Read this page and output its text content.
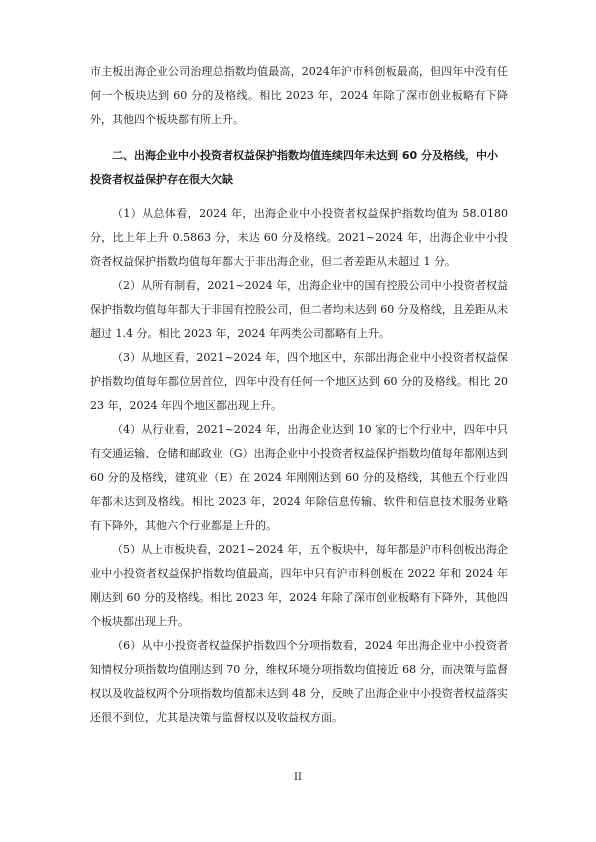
市主板出海企业公司治理总指数均值最高，2024年沪市科创板最高，但四年中没有任何一个板块达到 60 分的及格线。相比 2023 年，2024 年除了深市创业板略有下降外，其他四个板块都有所上升。

二、出海企业中小投资者权益保护指数均值连续四年未达到 60 分及格线，中小投资者权益保护存在很大欠缺

（1）从总体看，2024 年，出海企业中小投资者权益保护指数均值为 58.0180 分，比上年上升 0.5863 分，未达 60 分及格线。2021~2024 年，出海企业中小投资者权益保护指数均值每年都大于非出海企业，但二者差距从未超过 1 分。

（2）从所有制看，2021~2024 年，出海企业中的国有控股公司中小投资者权益保护指数均值每年都大于非国有控股公司，但二者均未达到 60 分及格线，且差距从未超过 1.4 分。相比 2023 年，2024 年两类公司都略有上升。

（3）从地区看，2021~2024 年，四个地区中，东部出海企业中小投资者权益保护指数均值每年都位居首位，四年中没有任何一个地区达到 60 分的及格线。相比 2023 年，2024 年四个地区都出现上升。

（4）从行业看，2021~2024 年，出海企业达到 10 家的七个行业中，四年中只有交通运输、仓储和邮政业（G）出海企业中小投资者权益保护指数均值每年都刚达到 60 分的及格线，建筑业（E）在 2024 年刚刚达到 60 分的及格线，其他五个行业四年都未达到及格线。相比 2023 年，2024 年除信息传输、软件和信息技术服务业略有下降外，其他六个行业都是上升的。

（5）从上市板块看，2021~2024 年，五个板块中，每年都是沪市科创板出海企业中小投资者权益保护指数均值最高，四年中只有沪市科创板在 2022 年和 2024 年刚达到 60 分的及格线。相比 2023 年，2024 年除了深市创业板略有下降外，其他四个板块都出现上升。

（6）从中小投资者权益保护指数四个分项指数看，2024 年出海企业中小投资者知情权分项指数均值刚达到 70 分，维权环境分项指数均值接近 68 分，而决策与监督权以及收益权两个分项指数均值都未达到 48 分，反映了出海企业中小投资者权益落实还很不到位，尤其是决策与监督权以及收益权方面。

II
